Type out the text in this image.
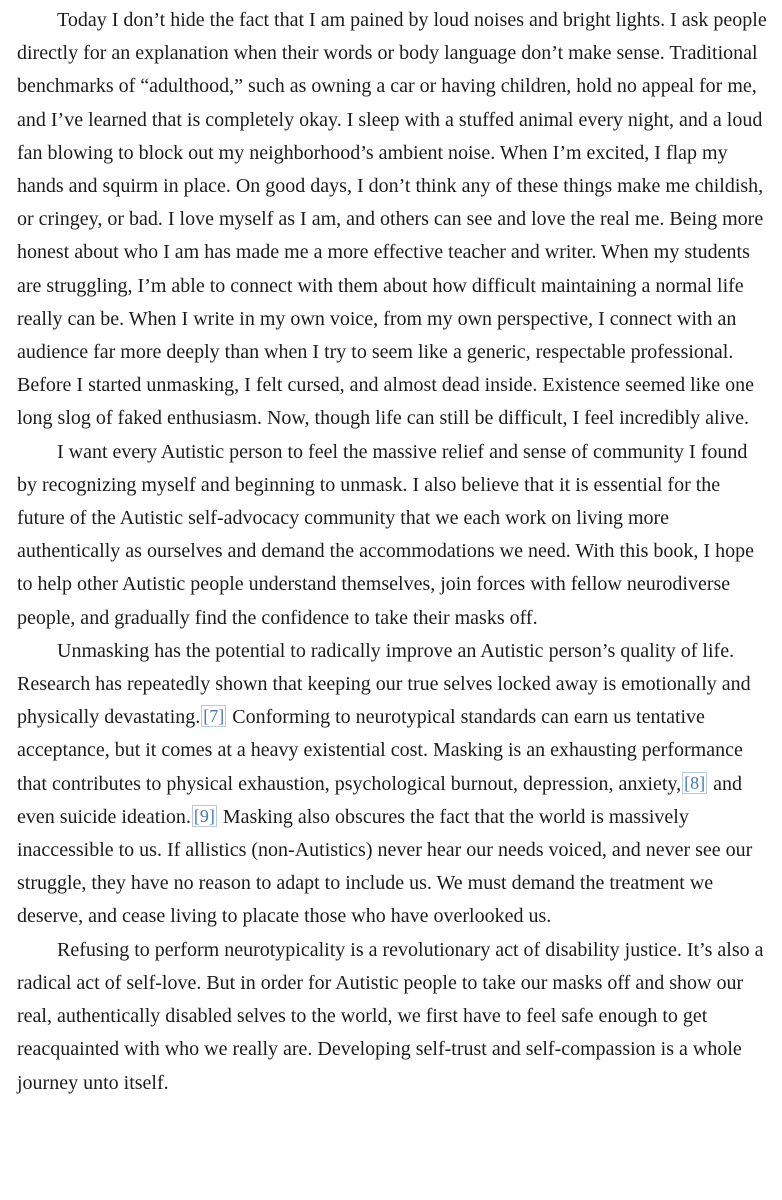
Today I don’t hide the fact that I am pained by loud noises and bright lights. I ask people directly for an explanation when their words or body language don’t make sense. Traditional benchmarks of “adulthood,” such as owning a car or having children, hold no appeal for me, and I’ve learned that is completely okay. I sleep with a stuffed animal every night, and a loud fan blowing to block out my neighborhood’s ambient noise. When I’m excited, I flap my hands and squirm in place. On good days, I don’t think any of these things make me childish, or cringey, or bad. I love myself as I am, and others can see and love the real me. Being more honest about who I am has made me a more effective teacher and writer. When my students are struggling, I’m able to connect with them about how difficult maintaining a normal life really can be. When I write in my own voice, from my own perspective, I connect with an audience far more deeply than when I try to seem like a generic, respectable professional. Before I started unmasking, I felt cursed, and almost dead inside. Existence seemed like one long slog of faked enthusiasm. Now, though life can still be difficult, I feel incredibly alive.

I want every Autistic person to feel the massive relief and sense of community I found by recognizing myself and beginning to unmask. I also believe that it is essential for the future of the Autistic self-advocacy community that we each work on living more authentically as ourselves and demand the accommodations we need. With this book, I hope to help other Autistic people understand themselves, join forces with fellow neurodiverse people, and gradually find the confidence to take their masks off.

Unmasking has the potential to radically improve an Autistic person’s quality of life. Research has repeatedly shown that keeping our true selves locked away is emotionally and physically devastating. [7] Conforming to neurotypical standards can earn us tentative acceptance, but it comes at a heavy existential cost. Masking is an exhausting performance that contributes to physical exhaustion, psychological burnout, depression, anxiety, [8] and even suicide ideation. [9] Masking also obscures the fact that the world is massively inaccessible to us. If allistics (non-Autistics) never hear our needs voiced, and never see our struggle, they have no reason to adapt to include us. We must demand the treatment we deserve, and cease living to placate those who have overlooked us.

Refusing to perform neurotypicality is a revolutionary act of disability justice. It’s also a radical act of self-love. But in order for Autistic people to take our masks off and show our real, authentically disabled selves to the world, we first have to feel safe enough to get reacquainted with who we really are. Developing self-trust and self-compassion is a whole journey unto itself.
